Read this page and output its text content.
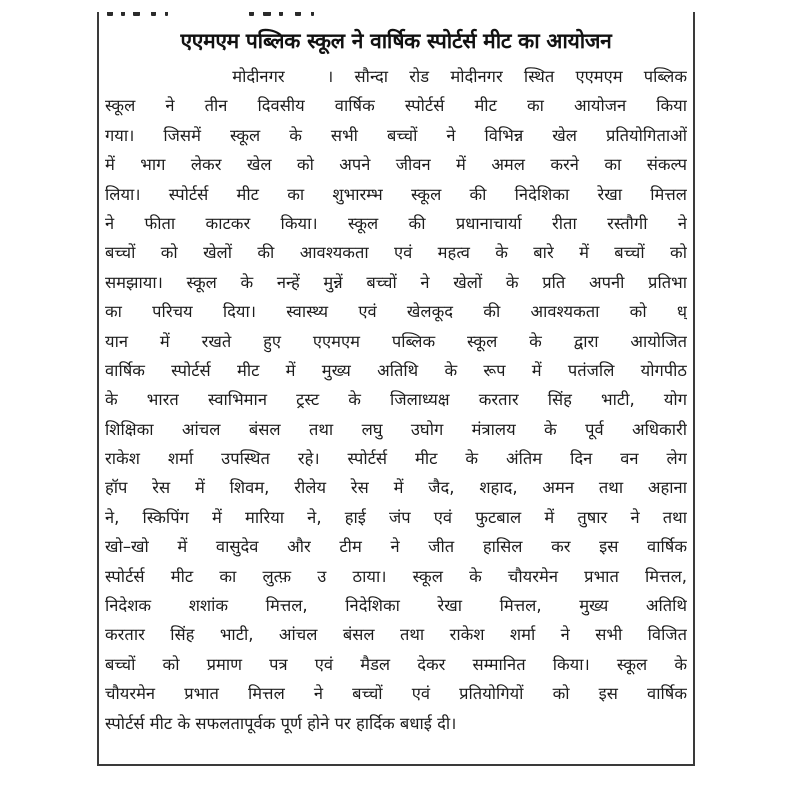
एएमएम पब्लिक स्कूल ने वार्षिक स्पोर्टर्स मीट का आयोजन
मोदीनगर  । सौन्दा रोड मोदीनगर स्थित एएमएम पब्लिक
स्कूल ने तीन दिवसीय वार्षिक स्पोर्टर्स मीट का आयोजन किया
गया। जिसमें स्कूल के सभी बच्चों ने विभिन्न खेल प्रतियोगिताओं
में भाग लेकर खेल को अपने जीवन में अमल करने का संकल्प
लिया। स्पोर्टर्स मीट का शुभारम्भ स्कूल की निदेशिका रेखा मित्तल
ने फीता काटकर किया। स्कूल की प्रधानाचार्या रीता रस्तौगी ने
बच्चों को खेलों की आवश्यकता एवं महत्व के बारे में बच्चों को
समझाया। स्कूल के नन्हें मुन्नें बच्चों ने खेलों के प्रति अपनी प्रतिभा
का परिचय दिया। स्वास्थ्य एवं खेलकूद की आवश्यकता को ध्
यान में रखते हुए एएमएम पब्लिक स्कूल के द्वारा आयोजित
वार्षिक स्पोर्टर्स मीट में मुख्य अतिथि के रूप में पतंजलि योगपीठ
के भारत स्वाभिमान ट्रस्ट के जिलाध्यक्ष करतार सिंह भाटी, योग
शिक्षिका आंचल बंसल तथा लघु उघोग मंत्रालय के पूर्व अधिकारी
राकेश शर्मा उपस्थित रहे। स्पोर्टर्स मीट के अंतिम दिन वन लेग
हॉप रेस में शिवम, रीलेय रेस में जैद, शहाद, अमन तथा अहाना
ने, स्किपिंग में मारिया ने, हाई जंप एवं फुटबाल में तुषार ने तथा
खो–खो में वासुदेव और टीम ने जीत हासिल कर इस वार्षिक
स्पोर्टर्स मीट का लुत्फ़ उ ठाया। स्कूल के चौयरमेन प्रभात मित्तल,
निदेशक शशांक मित्तल, निदेशिका रेखा मित्तल, मुख्य अतिथि
करतार सिंह भाटी, आंचल बंसल तथा राकेश शर्मा ने सभी विजित
बच्चों को प्रमाण पत्र एवं मैडल देकर सम्मानित किया। स्कूल के
चौयरमेन प्रभात मित्तल ने बच्चों एवं प्रतियोगियों को इस वार्षिक
स्पोर्टर्स मीट के सफलतापूर्वक पूर्ण होने पर हार्दिक बधाई दी।
